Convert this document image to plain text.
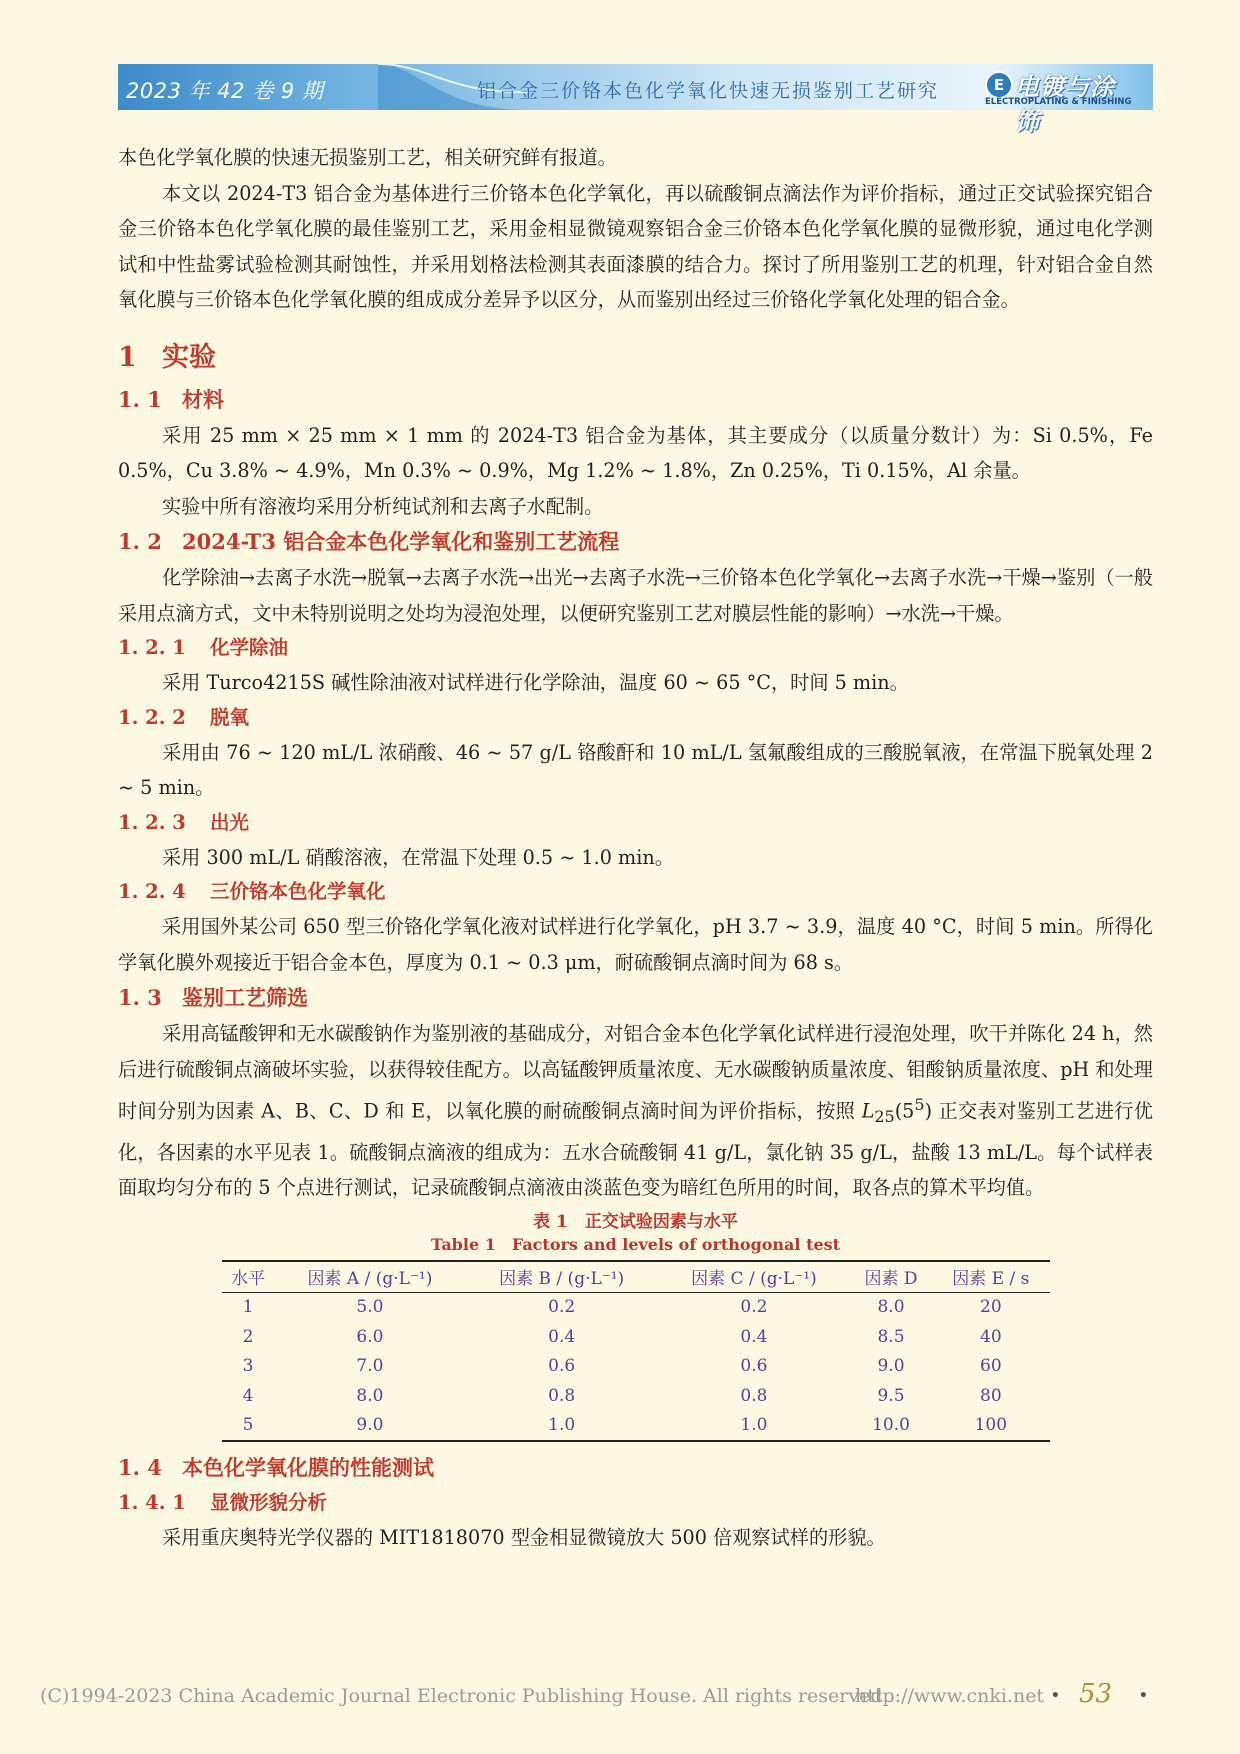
2023 年 42 卷 9 期	铝合金三价铬本色化学氧化快速无损鉴别工艺研究	E 电镀与涂饰
ELECTROPLATING & FINISHING

本色化学氧化膜的快速无损鉴别工艺，相关研究鲜有报道。

本文以 2024-T3 铝合金为基体进行三价铬本色化学氧化，再以硫酸铜点滴法作为评价指标，通过正交试验探究铝合金三价铬本色化学氧化膜的最佳鉴别工艺，采用金相显微镜观察铝合金三价铬本色化学氧化膜的显微形貌，通过电化学测试和中性盐雾试验检测其耐蚀性，并采用划格法检测其表面漆膜的结合力。探讨了所用鉴别工艺的机理，针对铝合金自然氧化膜与三价铬本色化学氧化膜的组成成分差异予以区分，从而鉴别出经过三价铬化学氧化处理的铝合金。

1 实验
1. 1 材料

采用 25 mm × 25 mm × 1 mm 的 2024-T3 铝合金为基体，其主要成分（以质量分数计）为：Si 0.5%，Fe 0.5%，Cu 3.8% ~ 4.9%，Mn 0.3% ~ 0.9%，Mg 1.2% ~ 1.8%，Zn 0.25%，Ti 0.15%，Al 余量。

实验中所有溶液均采用分析纯试剂和去离子水配制。

1. 2 2024-T3 铝合金本色化学氧化和鉴别工艺流程

化学除油→去离子水洗→脱氧→去离子水洗→出光→去离子水洗→三价铬本色化学氧化→去离子水洗→干燥→鉴别（一般采用点滴方式，文中未特别说明之处均为浸泡处理，以便研究鉴别工艺对膜层性能的影响）→水洗→干燥。

1. 2. 1 化学除油

采用 Turco4215S 碱性除油液对试样进行化学除油，温度 60 ~ 65 °C，时间 5 min。

1. 2. 2 脱氧

采用由 76 ~ 120 mL/L 浓硝酸、46 ~ 57 g/L 铬酸酐和 10 mL/L 氢氟酸组成的三酸脱氧液，在常温下脱氧处理 2 ~ 5 min。

1. 2. 3 出光

采用 300 mL/L 硝酸溶液，在常温下处理 0.5 ~ 1.0 min。

1. 2. 4 三价铬本色化学氧化

采用国外某公司 650 型三价铬化学氧化液对试样进行化学氧化，pH 3.7 ~ 3.9，温度 40 °C，时间 5 min。所得化学氧化膜外观接近于铝合金本色，厚度为 0.1 ~ 0.3 μm，耐硫酸铜点滴时间为 68 s。

1. 3 鉴别工艺筛选

采用高锰酸钾和无水碳酸钠作为鉴别液的基础成分，对铝合金本色化学氧化试样进行浸泡处理，吹干并陈化 24 h，然后进行硫酸铜点滴破坏实验，以获得较佳配方。以高锰酸钾质量浓度、无水碳酸钠质量浓度、钼酸钠质量浓度、pH 和处理时间分别为因素 A、B、C、D 和 E，以氧化膜的耐硫酸铜点滴时间为评价指标，按照 $L_{25}(5^5)$ 正交表对鉴别工艺进行优化，各因素的水平见表 1。硫酸铜点滴液的组成为：五水合硫酸铜 41 g/L，氯化钠 35 g/L，盐酸 13 mL/L。每个试样表面取均匀分布的 5 个点进行测试，记录硫酸铜点滴液由淡蓝色变为暗红色所用的时间，取各点的算术平均值。

表 1　正交试验因素与水平
Table 1　Factors and levels of orthogonal test
水平	因素 A / (g·L⁻¹)	因素 B / (g·L⁻¹)	因素 C / (g·L⁻¹)	因素 D	因素 E / s
1	5.0	0.2	0.2	8.0	20
2	6.0	0.4	0.4	8.5	40
3	7.0	0.6	0.6	9.0	60
4	8.0	0.8	0.8	9.5	80
5	9.0	1.0	1.0	10.0	100
1. 4 本色化学氧化膜的性能测试
1. 4. 1 显微形貌分析

采用重庆奥特光学仪器的 MIT1818070 型金相显微镜放大 500 倍观察试样的形貌。

(C)1994-2023 China Academic Journal Electronic Publishing House. All rights reserved.
http://www.cnki.net • 53 •
